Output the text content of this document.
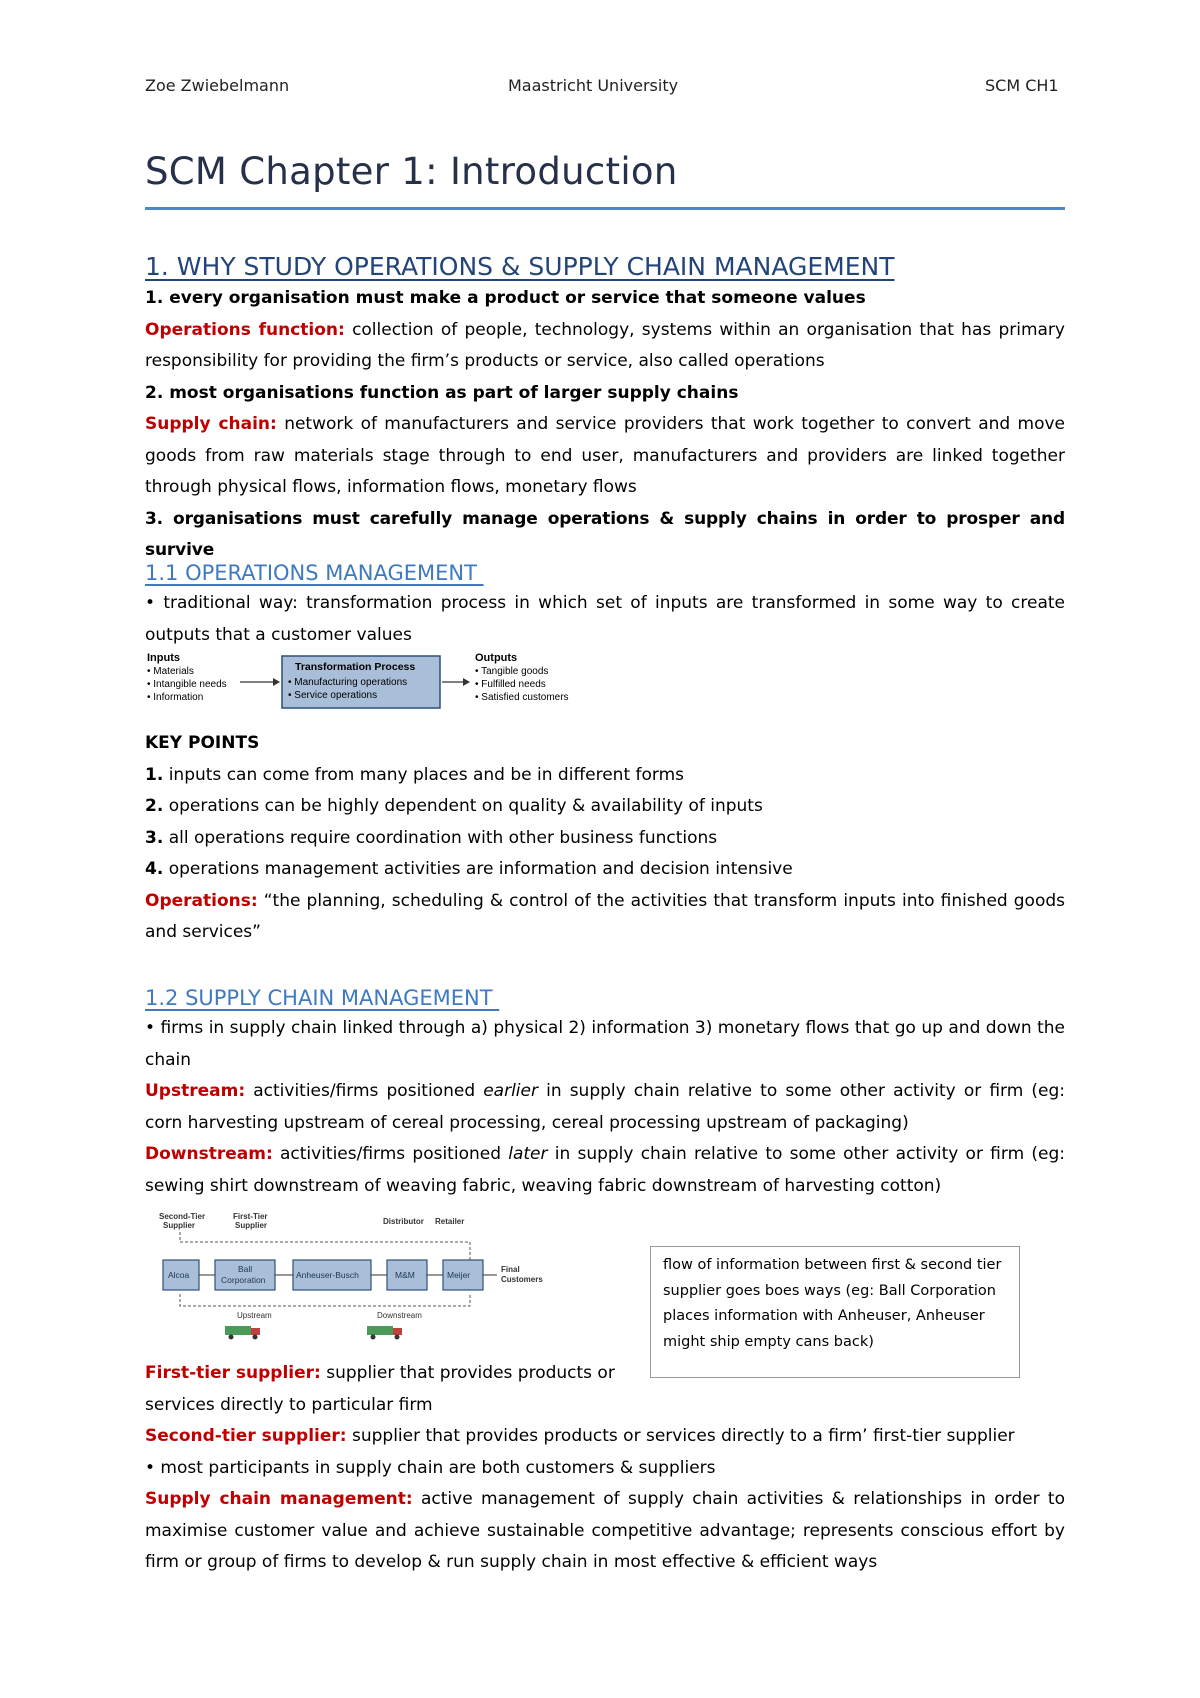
Zoe Zwiebelmann	Maastricht University	SCM CH1
SCM Chapter 1: Introduction

1. WHY STUDY OPERATIONS & SUPPLY CHAIN MANAGEMENT

1. every organisation must make a product or service that someone values

Operations function: collection of people, technology, systems within an organisation that has primary responsibility for providing the firm’s products or service, also called operations

2. most organisations function as part of larger supply chains

Supply chain: network of manufacturers and service providers that work together to convert and move goods from raw materials stage through to end user, manufacturers and providers are linked together through physical flows, information flows, monetary flows

3. organisations must carefully manage operations & supply chains in order to prosper and survive

1.1 OPERATIONS MANAGEMENT

• traditional way: transformation process in which set of inputs are transformed in some way to create outputs that a customer values

Inputs
• Materials
• Intangible needs
• Information
Transformation Process
• Manufacturing operations
• Service operations
Outputs
• Tangible goods
• Fulfilled needs
• Satisfied customers

KEY POINTS

1. inputs can come from many places and be in different forms

2. operations can be highly dependent on quality & availability of inputs

3. all operations require coordination with other business functions

4. operations management activities are information and decision intensive

Operations: “the planning, scheduling & control of the activities that transform inputs into finished goods and services”

1.2 SUPPLY CHAIN MANAGEMENT

• firms in supply chain linked through a) physical 2) information 3) monetary flows that go up and down the chain

Upstream: activities/firms positioned earlier in supply chain relative to some other activity or firm (eg: corn harvesting upstream of cereal processing, cereal processing upstream of packaging)

Downstream: activities/firms positioned later in supply chain relative to some other activity or firm (eg: sewing shirt downstream of weaving fabric, weaving fabric downstream of harvesting cotton)

Second-Tier
Supplier
First-Tier
Supplier	Distributor Retailer
Alcoa
Ball
Corporation	Anheuser-Busch	M&M	Meijer
Final
Customers
Upstream	Downstream
flow of information between first & second tier supplier goes boes ways (eg: Ball Corporation places information with Anheuser, Anheuser might ship empty cans back)

First-tier supplier: supplier that provides products or

services directly to particular firm

Second-tier supplier: supplier that provides products or services directly to a firm’ first-tier supplier

• most participants in supply chain are both customers & suppliers

Supply chain management: active management of supply chain activities & relationships in order to maximise customer value and achieve sustainable competitive advantage; represents conscious effort by firm or group of firms to develop & run supply chain in most effective & efficient ways
